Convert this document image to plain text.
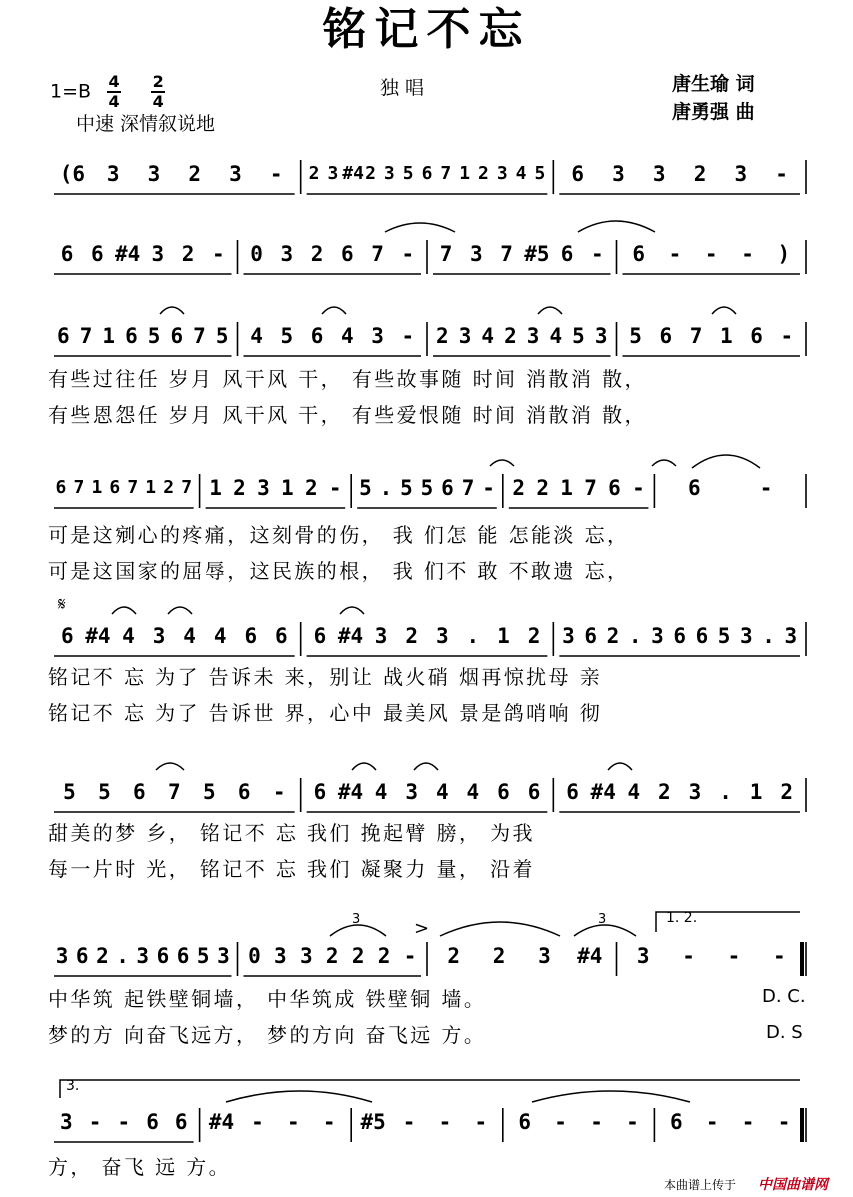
铭记不忘
$1=B \frac{4}{4}$
$\frac{2}{4}$	独 唱	唐生瑜 词
唐勇强 曲
中速 深情叙说地
(6	3	3	2	3	-	2 3 #4 2 3 5 6 7 1 2 3 4 5	6	3	3	2	3	-
6 6 #4 3 2 -	0 3 2 6 7 -	7 3 7 #5 6 -	6	-	-	-	)
6 7 1 6 5 6 7 5	4 5 6 4 3 -	2 3 4 2 3 4 5 3	5 6 7 1 6 -
6 7 1 6 7 1 2 7 1 2 3 1 2 - 5 . 5 5 6 7 - 2 2 1 7 6 -	6	-
6 #4 4 3 4 4 6 6	6 #4 3 2 3 . 1 2	3 6 2 . 3 6 6 5 3 . 3
5	5	6	7	5	6	-	6 #4 4 3 4 4 6 6	6 #4 4 2 3 . 1 2
3 6 2 . 3 6 6 5 3 0 3 3 2 2 2 -	2	2	3	#4	3	-	-	-
3 - - 6 6	#4 -	-	-	#5 -	-	-	6	-	-	-	6	-	-	-
有些过往任 岁月 风干风 干， 有些故事随 时间 消散消 散，
有些恩怨任 岁月 风干风 干， 有些爱恨随 时间 消散消 散，
可是这剜心的疼痛，这刻骨的伤， 我 们怎 能 怎能淡 忘，
可是这国家的屈辱，这民族的根， 我 们不 敢 不敢遗 忘，
铭记不 忘 为了 告诉未 来，别让 战火硝 烟再惊扰母 亲
铭记不 忘 为了 告诉世 界，心中 最美风 景是鸽哨响 彻
甜美的梦 乡， 铭记不 忘 我们 挽起臂 膀， 为我
每一片时 光， 铭记不 忘 我们 凝聚力 量， 沿着
中华筑 起铁壁铜墙， 中华筑成 铁壁铜 墙。
梦的方 向奋飞远方， 梦的方向 奋飞远 方。
方， 奋飞 远 方。
𝄋
>
3	3	1. 2.
3.
D. C.
D. S
本曲谱上传于 中国曲谱网
